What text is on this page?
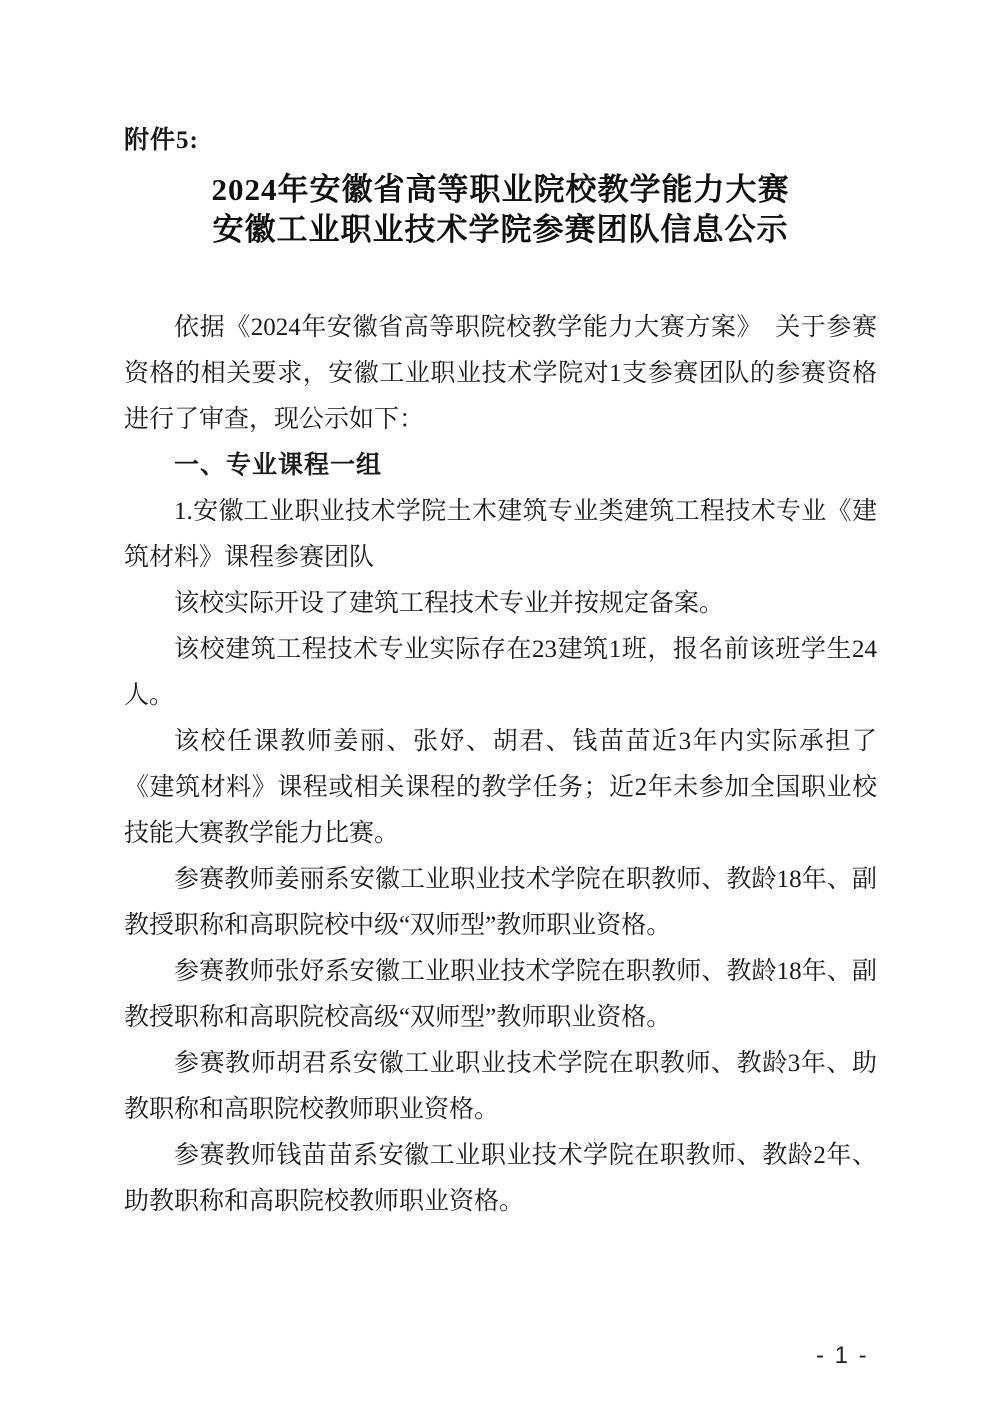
附件5:
2024年安徽省高等职业院校教学能力大赛
安徽工业职业技术学院参赛团队信息公示

依据《2024年安徽省高等职院校教学能力大赛方案》　关于参赛资格的相关要求，安徽工业职业技术学院对1支参赛团队的参赛资格进行了审查，现公示如下：

一、专业课程一组

1.安徽工业职业技术学院土木建筑专业类建筑工程技术专业《建筑材料》课程参赛团队

该校实际开设了建筑工程技术专业并按规定备案。

该校建筑工程技术专业实际存在23建筑1班，报名前该班学生24人。

该校任课教师姜丽、张妤、胡君、钱苗苗近3年内实际承担了《建筑材料》课程或相关课程的教学任务；近2年未参加全国职业校技能大赛教学能力比赛。

参赛教师姜丽系安徽工业职业技术学院在职教师、教龄18年、副教授职称和高职院校中级“双师型”教师职业资格。

参赛教师张妤系安徽工业职业技术学院在职教师、教龄18年、副教授职称和高职院校高级“双师型”教师职业资格。

参赛教师胡君系安徽工业职业技术学院在职教师、教龄3年、助教职称和高职院校教师职业资格。

参赛教师钱苗苗系安徽工业职业技术学院在职教师、教龄2年、助教职称和高职院校教师职业资格。

- 1 -
